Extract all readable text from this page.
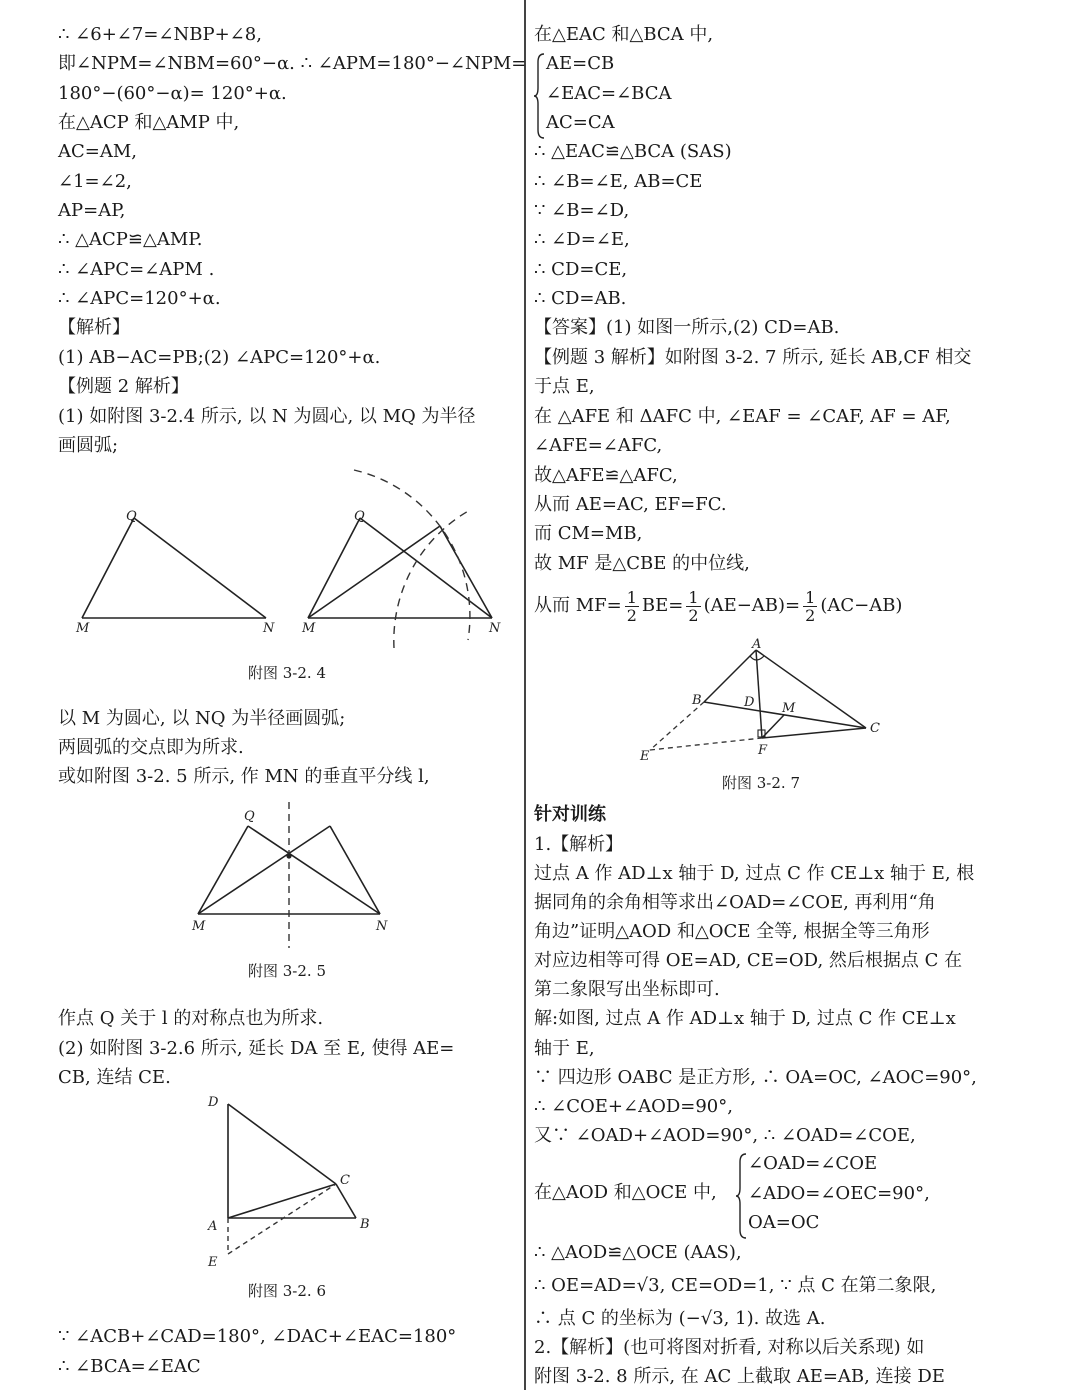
∴ ∠6+∠7=∠NBP+∠8,
即∠NPM=∠NBM=60°−α. ∴ ∠APM=180°−∠NPM=
180°−(60°−α)= 120°+α.
在△ACP 和△AMP 中,
AC=AM,
∠1=∠2,
AP=AP,
∴ △ACP≌△AMP.
∴ ∠APC=∠APM .
∴ ∠APC=120°+α.
【解析】
(1) AB−AC=PB;(2) ∠APC=120°+α.
【例题 2 解析】
(1) 如附图 3-2.4 所示, 以 N 为圆心, 以 MQ 为半径
画圆弧;
Q
M	N
Q
M	N
附图 3-2. 4
以 M 为圆心, 以 NQ 为半径画圆弧;
两圆弧的交点即为所求.
或如附图 3-2. 5 所示, 作 MN 的垂直平分线 l,
Q
M	N
附图 3-2. 5
作点 Q 关于 l 的对称点也为所求.
(2) 如附图 3-2.6 所示, 延长 DA 至 E, 使得 AE=
CB, 连结 CE.
D
C
A	B
E
附图 3-2. 6
∵ ∠ACB+∠CAD=180°, ∠DAC+∠EAC=180°
∴ ∠BCA=∠EAC
在△EAC 和△BCA 中,
AE=CB
∠EAC=∠BCA
AC=CA
∴ △EAC≌△BCA (SAS)
∴ ∠B=∠E, AB=CE
∵ ∠B=∠D,
∴ ∠D=∠E,
∴ CD=CE,
∴ CD=AB.
【答案】(1) 如图一所示,(2) CD=AB.
【例题 3 解析】如附图 3-2. 7 所示, 延长 AB,CF 相交
于点 E,
在 △AFE 和 ΔAFC 中, ∠EAF = ∠CAF, AF = AF,
∠AFE=∠AFC,
故△AFE≌△AFC,
从而 AE=AC, EF=FC.
而 CM=MB,
故 MF 是△CBE 的中位线,
从而 $MF= \frac{1}{2} BE= \frac{1}{2} (AE-AB)= \frac{1}{2} (AC-AB)$
A
B	D M
C
F
E
附图 3-2. 7
针对训练
1.【解析】
过点 A 作 AD⊥x 轴于 D, 过点 C 作 CE⊥x 轴于 E, 根
据同角的余角相等求出∠OAD=∠COE, 再利用“角
角边”证明△AOD 和△OCE 全等, 根据全等三角形
对应边相等可得 OE=AD, CE=OD, 然后根据点 C 在
第二象限写出坐标即可.
解:如图, 过点 A 作 AD⊥x 轴于 D, 过点 C 作 CE⊥x
轴于 E,
∵ 四边形 OABC 是正方形, ∴ OA=OC, ∠AOC=90°,
∴ ∠COE+∠AOD=90°,
又∵ ∠OAD+∠AOD=90°, ∴ ∠OAD=∠COE,
在△AOD 和△OCE 中,
∠OAD=∠COE
∠ADO=∠OEC=90°,
OA=OC
∴ △AOD≌△OCE (AAS),
∴ OE=AD=√3, CE=OD=1, ∵ 点 C 在第二象限,
∴ 点 C 的坐标为 (−√3, 1). 故选 A.
2.【解析】(也可将图对折看, 对称以后关系现) 如
附图 3-2. 8 所示, 在 AC 上截取 AE=AB, 连接 DE
